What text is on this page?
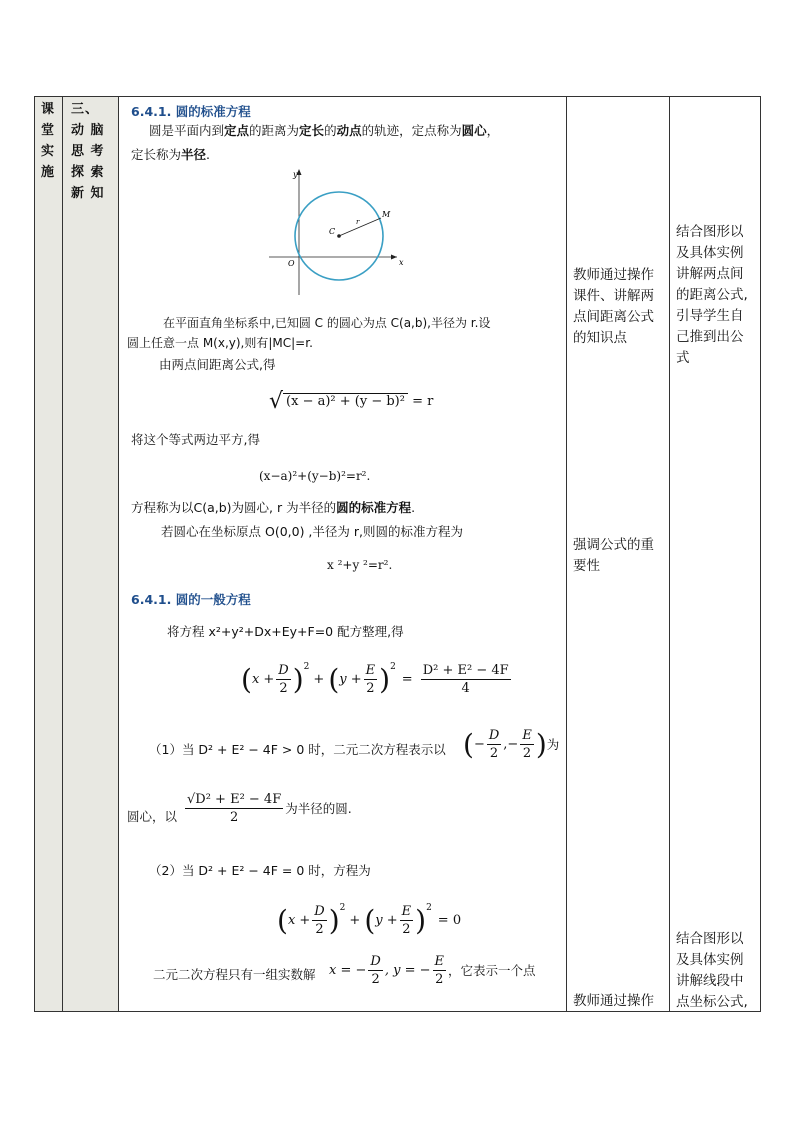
课
堂
实
施
三、
动 脑
思 考
探 索
新 知
6.4.1. 圆的标准方程
圆是平面内到定点的距离为定长的动点的轨迹，定点称为圆心，
定长称为半径.
y
x
O
C
r
M
在平面直角坐标系中,已知圆 C 的圆心为点 C(a,b),半径为 r.设
圆上任意一点 M(x,y),则有|MC|=r.
由两点间距离公式,得
√ (x − a)² + (y − b)² = r
将这个等式两边平方,得
(x−a)²+(y−b)²=r².
方程称为以C(a,b)为圆心, r 为半径的圆的标准方程.
若圆心在坐标原点 O(0,0) ,半径为 r,则圆的标准方程为
x ²+y ²=r².
6.4.1. 圆的一般方程
将方程 x²+y²+Dx+Ey+F=0 配方整理,得
( $x + \frac{D}{2} )^2$
+ ( $y + \frac{E}{2} )^2$
= $\frac{\text{D² + E² − 4F}}{4}$
（1）当 D² + E² − 4F > 0 时，二元二次方程表示以 ( − $\frac{D}{2}$ ,− $\frac{E}{2}$ ) 为
圆心，以 $\frac{\text{√D² + E² − 4F}}{2}$ 为半径的圆.
（2）当 D² + E² − 4F = 0 时，方程为
( $x + \frac{D}{2} )^2$
+ ( $y + \frac{E}{2} )^2$
= 0
二元二次方程只有一组实数解 x = − $\frac{D}{2}$ , y = − $\frac{E}{2}$ ，它表示一个点
教师通过操作
课件、讲解两
点间距离公式
的知识点
强调公式的重
要性
教师通过操作
结合图形以
及具体实例
讲解两点间
的距离公式,
引导学生自
己推到出公
式
结合图形以
及具体实例
讲解线段中
点坐标公式,
